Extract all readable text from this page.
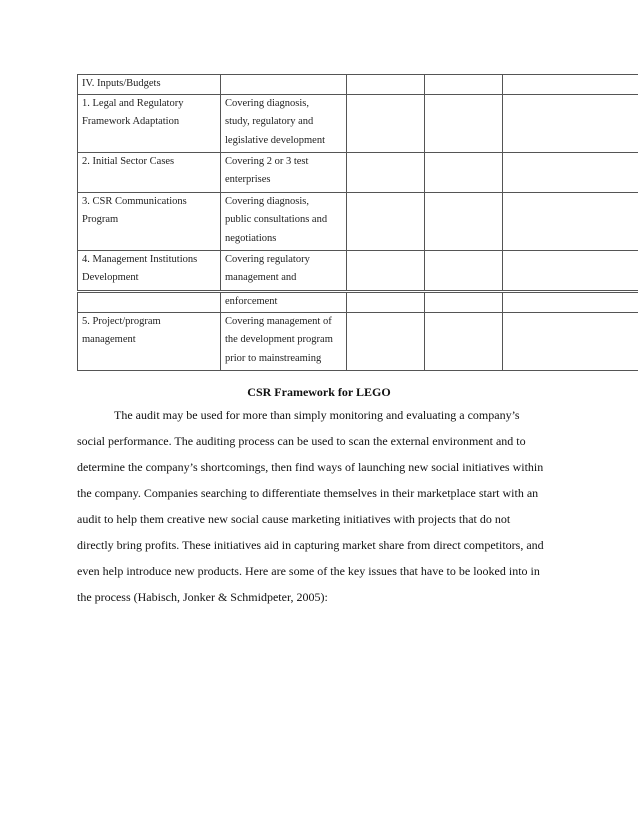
IV. Inputs/Budgets				

1. Legal and Regulatory
Framework Adaptation	Covering diagnosis,
study, regulatory and
legislative development			

2. Initial Sector Cases	Covering 2 or 3 test
enterprises			

3. CSR Communications
Program	Covering diagnosis,
public consultations and
negotiations			

4. Management Institutions
Development	Covering regulatory
management and			

	enforcement			

5. Project/program
management	Covering management of
the development program
prior to mainstreaming			

CSR Framework for LEGO
The audit may be used for more than simply monitoring and evaluating a company’s
social performance. The auditing process can be used to scan the external environment and to
determine the company’s shortcomings, then find ways of launching new social initiatives within
the company. Companies searching to differentiate themselves in their marketplace start with an
audit to help them creative new social cause marketing initiatives with projects that do not
directly bring profits. These initiatives aid in capturing market share from direct competitors, and
even help introduce new products. Here are some of the key issues that have to be looked into in
the process (Habisch, Jonker & Schmidpeter, 2005):
